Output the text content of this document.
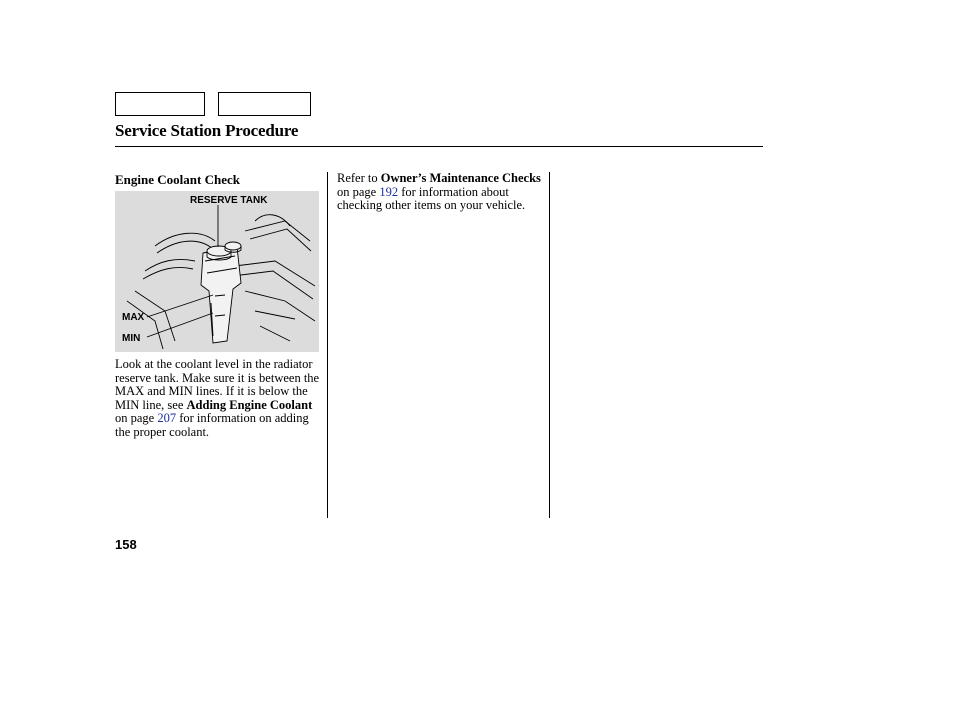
Service Station Procedure
Engine Coolant Check
RESERVE TANK
MAX
MIN
Look at the coolant level in the radiator reserve tank. Make sure it is between the MAX and MIN lines. If it is below the MIN line, see Adding Engine Coolant on page 207 for information on adding the proper coolant.
Refer to Owner’s Maintenance Checks on page 192 for information about checking other items on your vehicle.
158
